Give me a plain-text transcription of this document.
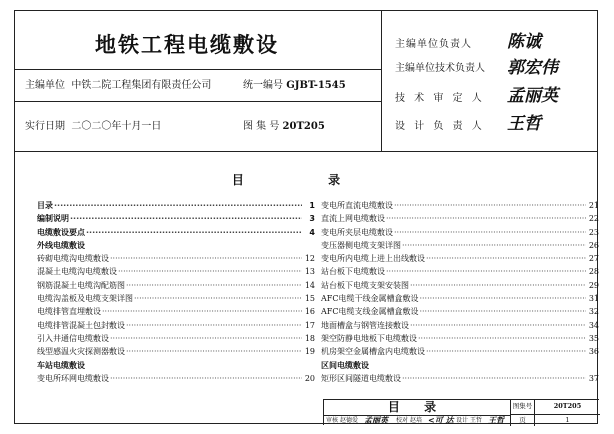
地铁工程电缆敷设
主编单位 中铁二院工程集团有限责任公司	统一编号 GJBT-1545
实行日期 二〇二〇年十月一日	图 集 号 20T205
主编单位负责人 陈诚
主编单位技术负责人 郭宏伟
技 术 审 定 人 孟丽英
设 计 负 责 人 王哲
目 录
目录 ·····	1
编制说明 ·····	3
电缆敷设要点 ·····	4
外线电缆敷设
砖砌电缆沟电缆敷设 ·····	12
混凝土电缆沟电缆敷设 ·····	13
钢筋混凝土电缆沟配筋图 ·····	14
电缆沟盖板及电缆支架详图 ·····	15
电缆排管直埋敷设 ·····	16
电缆排管混凝土包封敷设 ·····	17
引入井通信电缆敷设 ·····	18
线型感温火灾探测器敷设 ·····	19
车站电缆敷设
变电所环网电缆敷设 ·····	20
变电所直流电缆敷设 ·····	21
直流上网电缆敷设 ·····	22
变电所夹层电缆敷设 ·····	23
变压器侧电缆支架详图 ·····	26
变电所内电缆上进上出线敷设 ·····	27
站台板下电缆敷设 ·····	28
站台板下电缆支架安装图 ·····	29
AFC电缆干线金属槽盒敷设 ·····	31
AFC电缆支线金属槽盒敷设 ·····	32
地面槽盒与钢管连接敷设 ·····	34
架空防静电地板下电缆敷设 ·····	35
机房架空金属槽盒内电缆敷设 ·····	36
区间电缆敷设
矩形区间隧道电缆敷设 ·····	37
目 录	图集号	20T205
页	1
审核 赵德爱 孟丽英 校对 赵培 <可 达 设计 王哲 王哲
